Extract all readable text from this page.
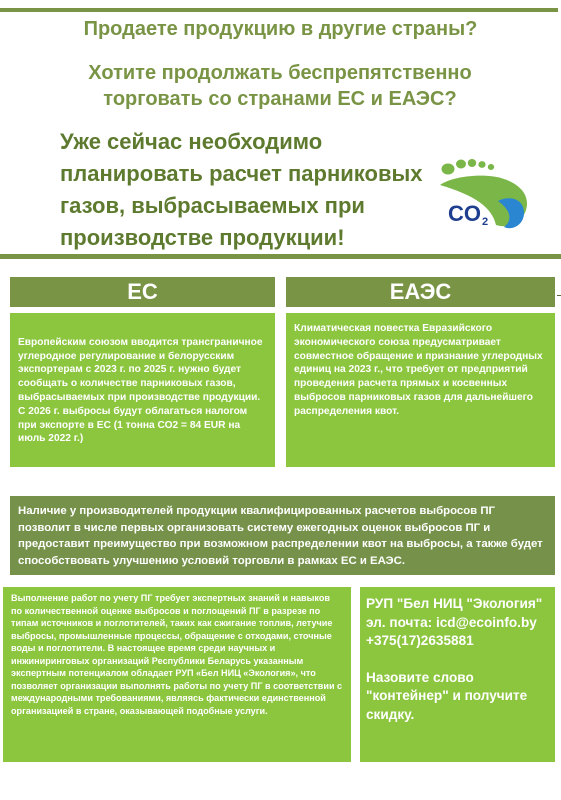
Продаете продукцию в другие страны?
Хотите продолжать беспрепятственно торговать со странами ЕС и ЕАЭС?
Уже сейчас необходимо планировать расчет парниковых газов, выбрасываемых при производстве продукции!
CO 2
ЕС	ЕАЭС

Европейским союзом вводится трансграничное углеродное регулирование и белорусским экспортерам с 2023 г. по 2025 г. нужно будет сообщать о количестве парниковых газов, выбрасываемых при производстве продукции.
С 2026 г. выбросы будут облагаться налогом при экспорте в ЕС (1 тонна СО2 = 84 EUR на июль 2022 г.)

Климатическая повестка Евразийского экономического союза предусматривает совместное обращение и признание углеродных единиц на 2023 г., что требует от предприятий проведения расчета прямых и косвенных выбросов парниковых газов для дальнейшего распределения квот.
Наличие у производителей продукции квалифицированных расчетов выбросов ПГ позволит в числе первых организовать систему ежегодных оценок выбросов ПГ и предоставит преимущество при возможном распределении квот на выбросы, а также будет способствовать улучшению условий торговли в рамках ЕС и ЕАЭС.
Выполнение работ по учету ПГ требует экспертных знаний и навыков по количественной оценке выбросов и поглощений ПГ в разрезе по типам источников и поглотителей, таких как сжигание топлив, летучие выбросы, промышленные процессы, обращение с отходами, сточные воды и поглотители. В настоящее время среди научных и инжиниринговых организаций Республики Беларусь указанным экспертным потенциалом обладает РУП «Бел НИЦ «Экология», что позволяет организации выполнять работы по учету ПГ в соответствии с международными требованиями, являясь фактически единственной организацией в стране, оказывающей подобные услуги.
РУП "Бел НИЦ "Экология"
эл. почта: icd@ecoinfo.by
+375(17)2635881
Назовите слово "контейнер" и получите скидку.
